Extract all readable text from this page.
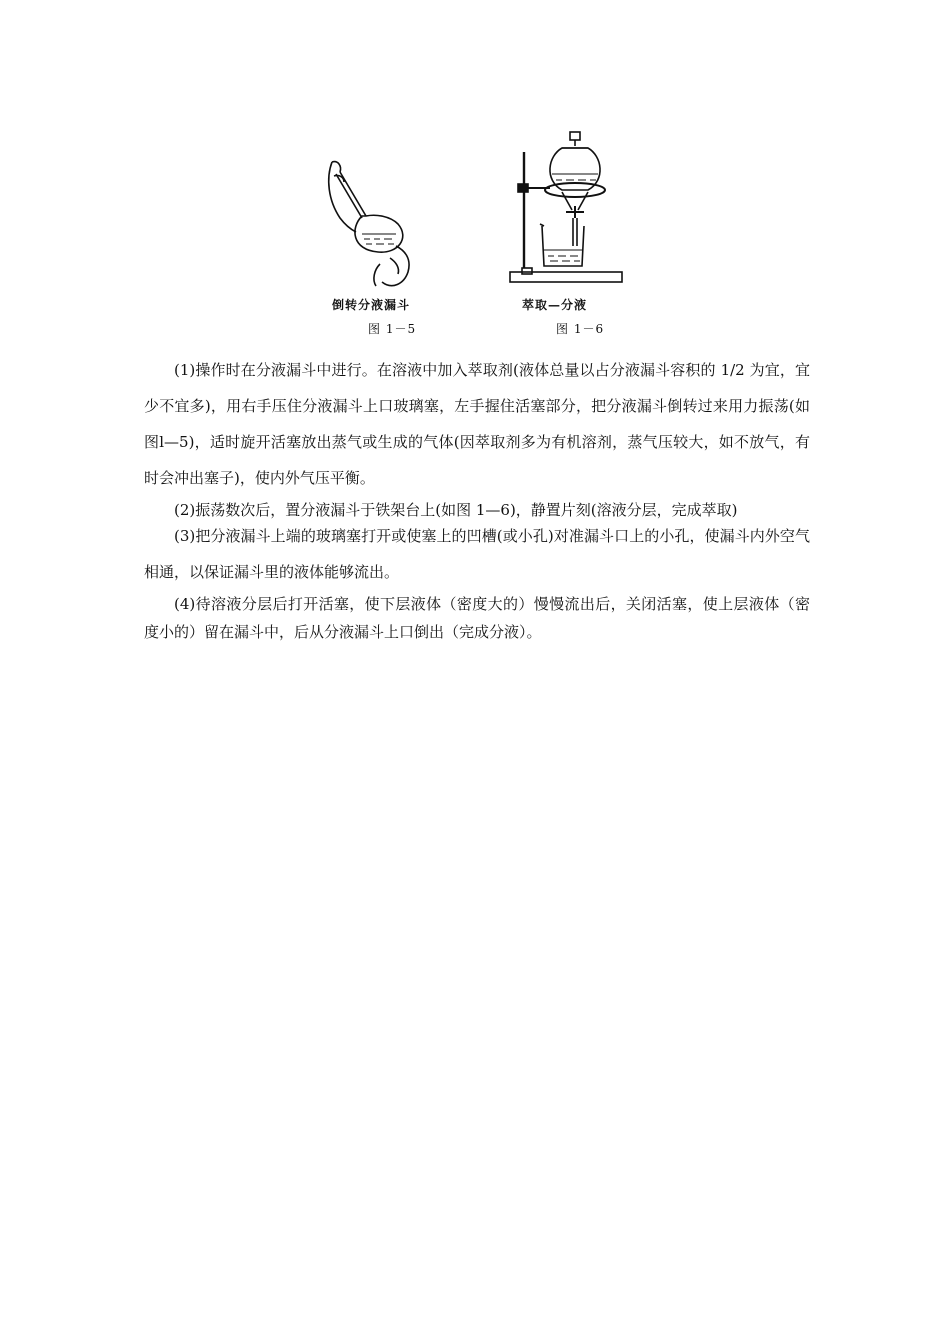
倒转分液漏斗
图 1－5
萃取—分液
图 1－6

(1)操作时在分液漏斗中进行。在溶液中加入萃取剂(液体总量以占分液漏斗容积的 1/2 为宜，宜少不宜多)，用右手压住分液漏斗上口玻璃塞，左手握住活塞部分，把分液漏斗倒转过来用力振荡(如图l—5)，适时旋开活塞放出蒸气或生成的气体(因萃取剂多为有机溶剂，蒸气压较大，如不放气，有时会冲出塞子)，使内外气压平衡。

(2)振荡数次后，置分液漏斗于铁架台上(如图 1—6)，静置片刻(溶液分层，完成萃取)

(3)把分液漏斗上端的玻璃塞打开或使塞上的凹槽(或小孔)对准漏斗口上的小孔，使漏斗内外空气相通，以保证漏斗里的液体能够流出。

(4)待溶液分层后打开活塞，使下层液体（密度大的）慢慢流出后，关闭活塞，使上层液体（密度小的）留在漏斗中，后从分液漏斗上口倒出（完成分液）。
